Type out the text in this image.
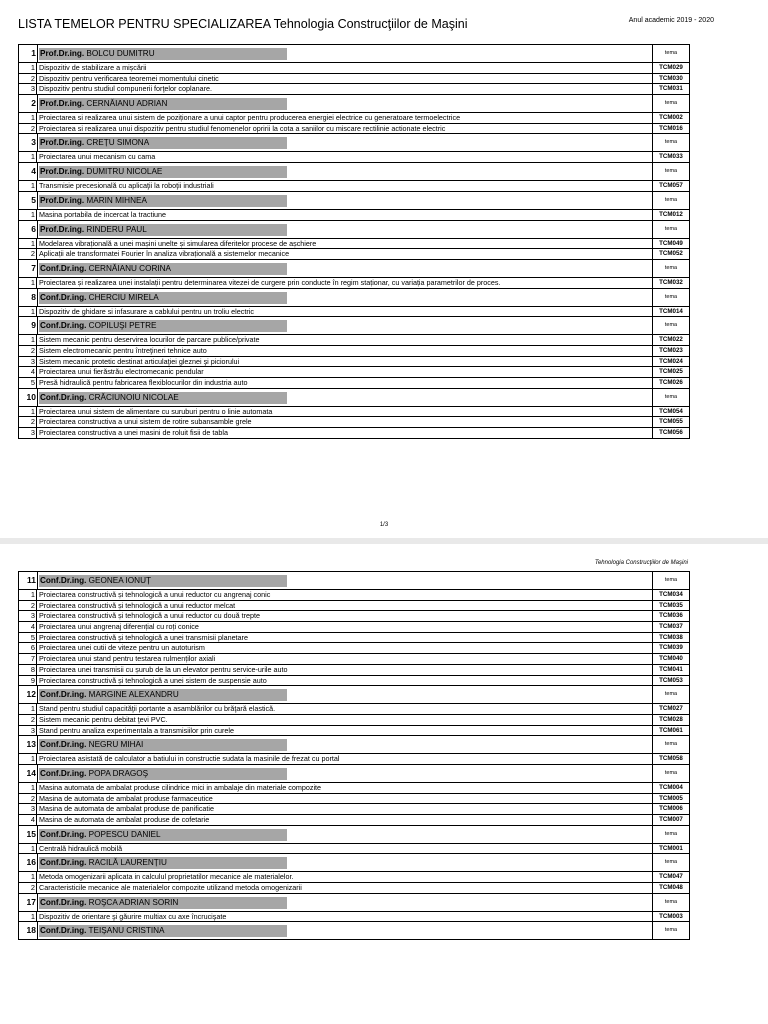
LISTA TEMELOR PENTRU SPECIALIZAREA Tehnologia Construcţiilor de Maşini	Anul academic 2019 - 2020
1 Prof.Dr.ing. BOLCU DUMITRU	tema
1 Dispozitiv de stabilizare a mișcării	TCM029
2 Dispozitiv pentru verificarea teoremei momentului cinetic	TCM030
3 Dispozitiv pentru studiul compunerii forţelor coplanare.	TCM031
2 Prof.Dr.ing. CERNĂIANU ADRIAN	tema
1 Proiectarea si realizarea unui sistem de poziționare a unui captor pentru producerea energiei electrice cu generatoare termoelectrice	TCM002
2 Proiectarea si realizarea unui dispozitiv pentru studiul fenomenelor opririi la cota a saniilor cu miscare rectilinie actionate electric	TCM016
3 Prof.Dr.ing. CREȚU SIMONA	tema
1 Proiectarea unui mecanism cu cama	TCM033
4 Prof.Dr.ing. DUMITRU NICOLAE	tema
1 Transmisie precesională cu aplicaţii la roboţii industriali	TCM057
5 Prof.Dr.ing. MARIN MIHNEA	tema
1 Masina portabila de incercat la tractiune	TCM012
6 Prof.Dr.ing. RINDERU PAUL	tema
1 Modelarea vibrațională a unei mașini unelte și simularea diferitelor procese de așchiere	TCM049
2 Aplicații ale transformatei Fourier în analiza vibrațională a sistemelor mecanice	TCM052
7 Conf.Dr.ing. CERNĂIANU CORINA	tema
1 Proiectarea și realizarea unei instalații pentru determinarea vitezei de curgere prin conducte în regim staționar, cu variația parametrilor de proces.	TCM032
8 Conf.Dr.ing. CHERCIU MIRELA	tema
1 Dispozitiv de ghidare si infasurare a cablului pentru un troliu electric	TCM014
9 Conf.Dr.ing. COPILUŞI PETRE	tema
1 Sistem mecanic pentru deservirea locurilor de parcare publice/private	TCM022
2 Sistem electromecanic pentru întreţineri tehnice auto	TCM023
3 Sistem mecanic protetic destinat articulaţiei gleznei şi piciorului	TCM024
4 Proiectarea unui fierăstrău electromecanic pendular	TCM025
5 Presă hidraulică pentru fabricarea flexiblocurilor din industria auto	TCM026
10 Conf.Dr.ing. CRĂCIUNOIU NICOLAE	tema
1 Proiectarea unui sistem de alimentare cu suruburi pentru o linie automata	TCM054
2 Proiectarea constructiva a unui sistem de rotire subansamble grele	TCM055
3 Proiectarea constructiva a unei masini de roluit fisii de tabla	TCM056
1/3
Tehnologia Construcţiilor de Maşini
11 Conf.Dr.ing. GEONEA IONUȚ	tema
1 Proiectarea constructivă și tehnologică a unui reductor cu angrenaj conic	TCM034
2 Proiectarea constructivă și tehnologică a unui reductor melcat	TCM035
3 Proiectarea constructivă și tehnologică a unui reductor cu două trepte	TCM036
4 Proiectarea unui angrenaj diferențial cu roți conice	TCM037
5 Proiectarea constructivă și tehnologică a unei transmisii planetare	TCM038
6 Proiectarea unei cutii de viteze pentru un autoturism	TCM039
7 Proiectarea unui stand pentru testarea rulmenților axiali	TCM040
8 Proiectarea unei transmisii cu șurub de la un elevator pentru service-urile auto	TCM041
9 Proiectarea constructivă și tehnologică a unei sistem de suspensie auto	TCM053
12 Conf.Dr.ing. MARGINE ALEXANDRU	tema
1 Stand pentru studiul capacităţii portante a asamblărilor cu brăţară elastică.	TCM027
2 Sistem mecanic pentru debitat ţevi PVC.	TCM028
3 Stand pentru analiza experimentala a transmisiilor prin curele	TCM061
13 Conf.Dr.ing. NEGRU MIHAI	tema
1 Proiectarea asistată de calculator a batiului in constructie sudata la masinile de frezat cu portal	TCM058
14 Conf.Dr.ing. POPA DRAGOŞ	tema
1 Masina automata de ambalat produse cilindrice mici in ambalaje din materiale compozite	TCM004
2 Masina de automata de ambalat produse farmaceutice	TCM005
3 Masina de automata de ambalat produse de panificatie	TCM006
4 Masina de automata de ambalat produse de cofetarie	TCM007
15 Conf.Dr.ing. POPESCU DANIEL	tema
1 Centrală hidraulică mobilă	TCM001
16 Conf.Dr.ing. RACILĂ LAURENȚIU	tema
1 Metoda omogenizarii aplicata in calculul proprietatilor mecanice ale materialelor.	TCM047
2 Caracteristicile mecanice ale materialelor compozite utilizand metoda omogenizarii	TCM048
17 Conf.Dr.ing. ROŞCA ADRIAN SORIN	tema
1 Dispozitiv de orientare şi găurire multiax cu axe încrucişate	TCM003
18 Conf.Dr.ing. TEIȘANU CRISTINA	tema
